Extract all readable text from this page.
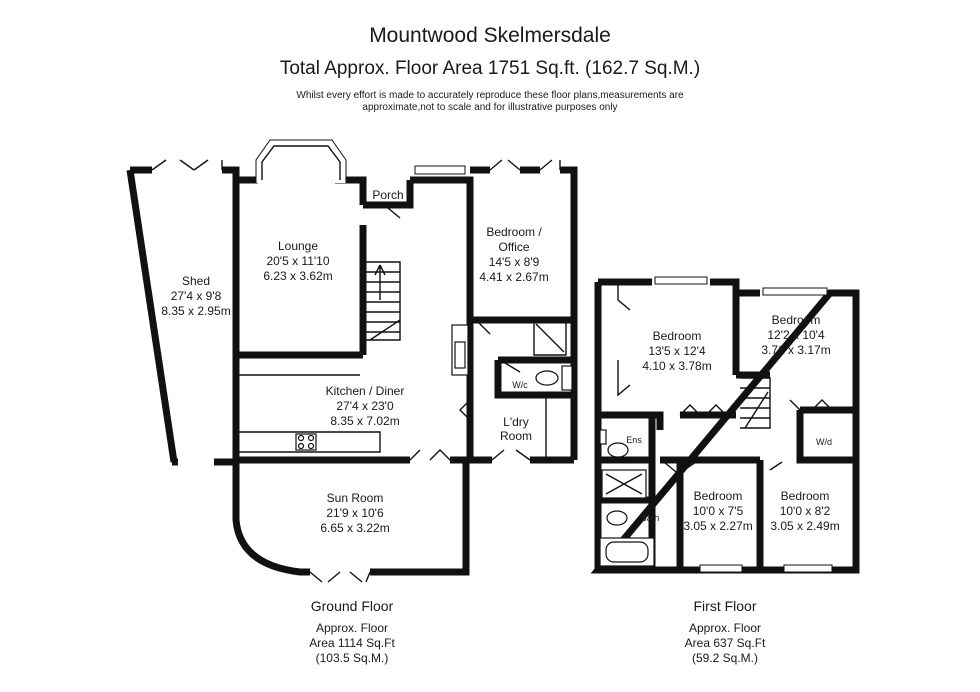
Mountwood Skelmersdale
Total Approx. Floor Area 1751 Sq.ft. (162.7 Sq.M.)
Whilst every effort is made to accurately reproduce these floor plans,measurements are
approximate,not to scale and for illustrative purposes only
Shed
27'4 x 9'8
8.35 x 2.95m
Lounge
20'5 x 11'10
6.23 x 3.62m
Porch
Bedroom /
Office
14'5 x 8'9
4.41 x 2.67m
Kitchen / Diner
27'4 x 23'0
8.35 x 7.02m
W/c
L'dry
Room
Sun Room
21'9 x 10'6
6.65 x 3.22m
Bedroom
13'5 x 12'4
4.10 x 3.78m
Bedroom
12'2 x 10'4
3.71 x 3.17m
Ens
Bath
W/d
Bedroom
10'0 x 7'5
3.05 x 2.27m
Bedroom
10'0 x 8'2
3.05 x 2.49m
Ground Floor
Approx. Floor
Area 1114 Sq.Ft
(103.5 Sq.M.)
First Floor
Approx. Floor
Area 637 Sq.Ft
(59.2 Sq.M.)
